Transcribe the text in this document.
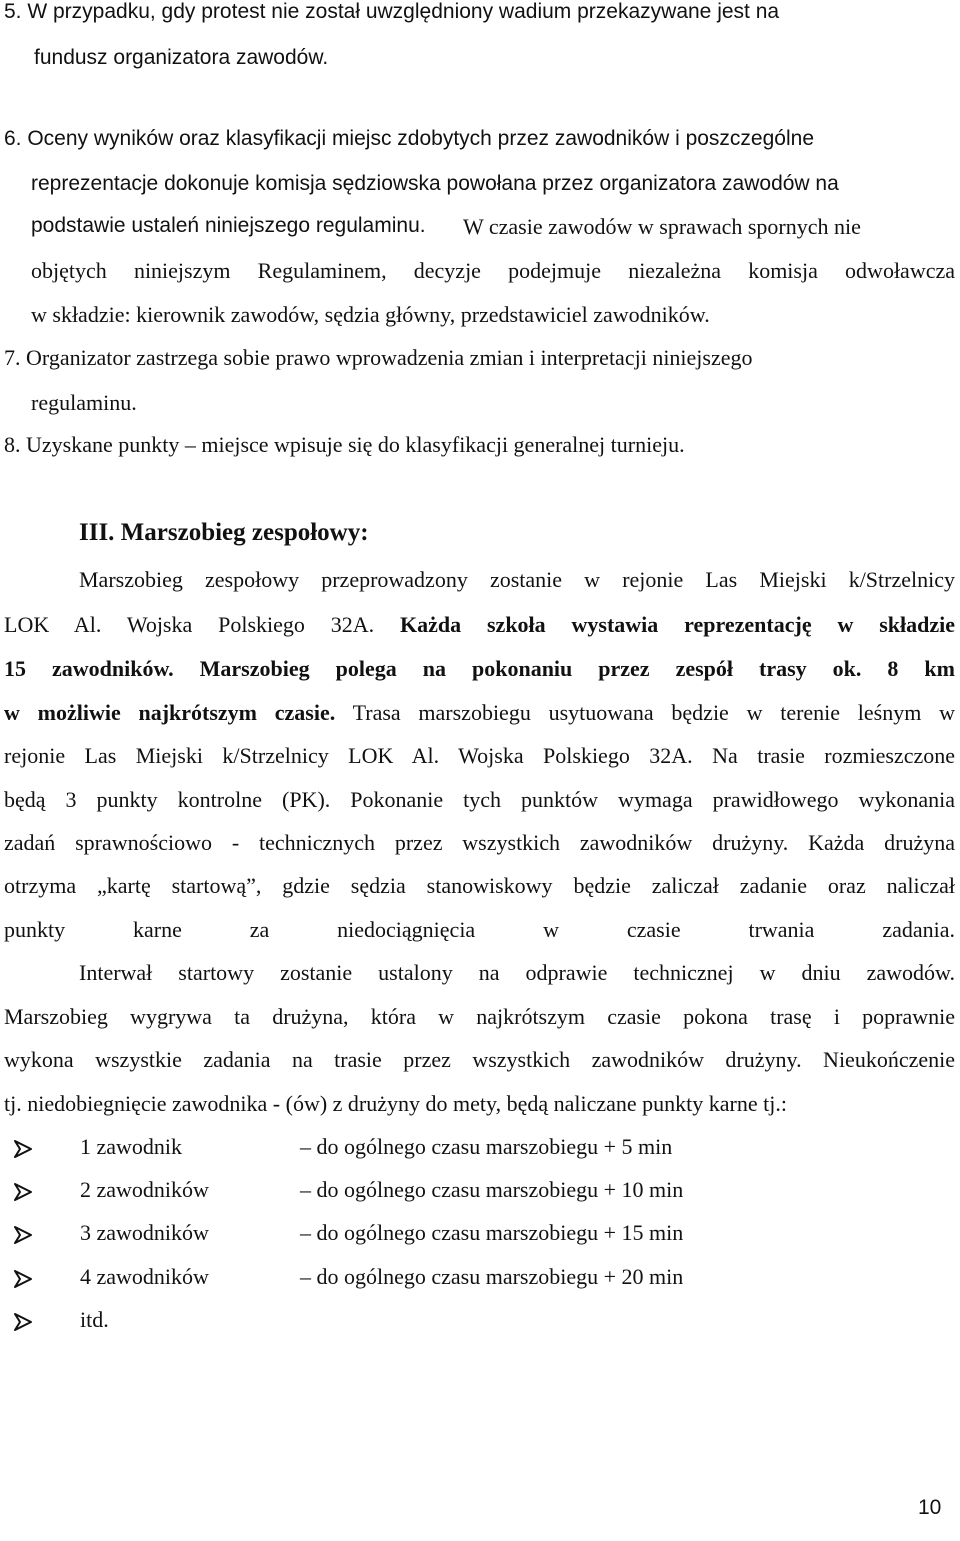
5. W przypadku, gdy protest nie został uwzględniony wadium przekazywane jest na

fundusz organizatora zawodów.

6. Oceny wyników oraz klasyfikacji miejsc zdobytych przez zawodników i poszczególne

reprezentacje dokonuje komisja sędziowska powołana przez organizatora zawodów na

podstawie ustaleń niniejszego regulaminu. W czasie zawodów w sprawach spornych nie

objętych niniejszym Regulaminem, decyzje podejmuje niezależna komisja odwoławcza

w składzie: kierownik zawodów, sędzia główny, przedstawiciel zawodników.

7. Organizator zastrzega sobie prawo wprowadzenia zmian i interpretacji niniejszego

regulaminu.

8. Uzyskane punkty – miejsce wpisuje się do klasyfikacji generalnej turnieju.

III. Marszobieg zespołowy:

Marszobieg zespołowy przeprowadzony zostanie w rejonie Las Miejski k/Strzelnicy

LOK Al. Wojska Polskiego 32A. Każda szkoła wystawia reprezentację w składzie

15 zawodników. Marszobieg polega na pokonaniu przez zespół trasy ok. 8 km

w możliwie najkrótszym czasie. Trasa marszobiegu usytuowana będzie w terenie leśnym w

rejonie Las Miejski k/Strzelnicy LOK Al. Wojska Polskiego 32A. Na trasie rozmieszczone

będą 3 punkty kontrolne (PK). Pokonanie tych punktów wymaga prawidłowego wykonania

zadań sprawnościowo - technicznych przez wszystkich zawodników drużyny. Każda drużyna

otrzyma „kartę startową”, gdzie sędzia stanowiskowy będzie zaliczał zadanie oraz naliczał

punkty karne za niedociągnięcia w czasie trwania zadania.

Interwał startowy zostanie ustalony na odprawie technicznej w dniu zawodów.

Marszobieg wygrywa ta drużyna, która w najkrótszym czasie pokona trasę i poprawnie

wykona wszystkie zadania na trasie przez wszystkich zawodników drużyny. Nieukończenie

tj. niedobiegnięcie zawodnika - (ów) z drużyny do mety, będą naliczane punkty karne tj.:

1 zawodnik	– do ogólnego czasu marszobiegu + 5 min
2 zawodników	– do ogólnego czasu marszobiegu + 10 min
3 zawodników	– do ogólnego czasu marszobiegu + 15 min
4 zawodników	– do ogólnego czasu marszobiegu + 20 min
itd.
10
